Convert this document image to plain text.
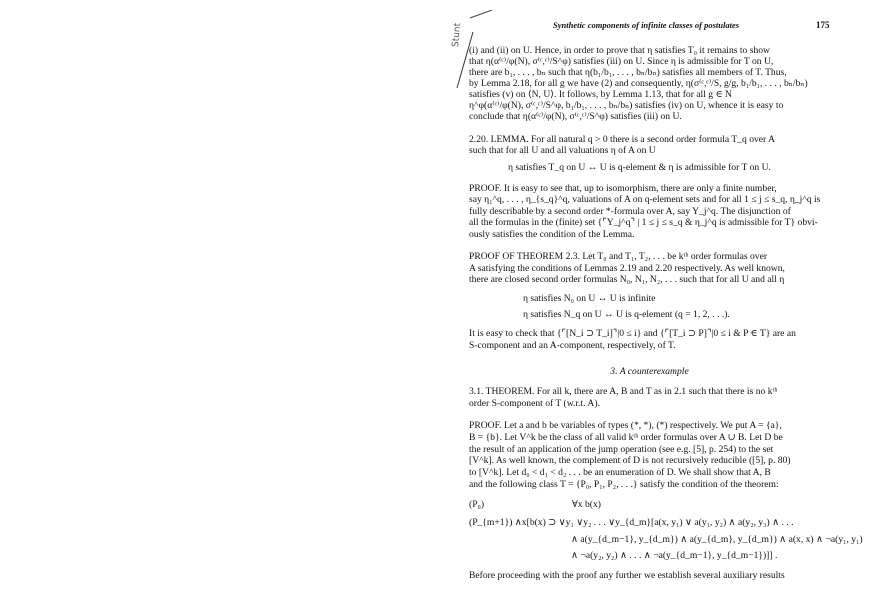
Stunt	Synthetic components of infinite classes of postulates	175
(i) and (ii) on U. Hence, in order to prove that η satisfies T₀ it remains to show
that η(α⁽ᶜ⁾/φ(N), σ⁽ᶜ,ᶜ⁾/S^φ) satisfies (iii) on U. Since η is admissible for T on U,
there are b₁, . . . , bₙ such that η(b₁/b₁, . . . , bₙ/bₙ) satisfies all members of T. Thus,
by Lemma 2.18, for all g we have (2) and consequently, η(σ⁽ᶜ,ᶜ⁾/S, g/g, b₁/b₁, . . . , bₙ/bₙ)
satisfies (v) on ⟨N, U⟩. It follows, by Lemma 1.13, that for all g ∈ N
η^φ(α⁽ᶜ⁾/φ(N), σ⁽ᶜ,ᶜ⁾/S^φ, b₁/b₁, . . . , bₙ/bₙ) satisfies (iv) on U, whence it is easy to
conclude that η(α⁽ᶜ⁾/φ(N), σ⁽ᶜ,ᶜ⁾/S^φ) satisfies (iii) on U.
2.20. LEMMA. For all natural q > 0 there is a second order formula T_q over A
such that for all U and all valuations η of A on U
η satisfies T_q on U ↔ U is q-element & η is admissible for T on U.
PROOF. It is easy to see that, up to isomorphism, there are only a finite number,
say η₁^q, . . . , η_{s_q}^q, valuations of A on q-element sets and for all 1 ≤ j ≤ s_q, η_j^q is
fully describable by a second order *-formula over A, say Y_j^q. The disjunction of
all the formulas in the (finite) set {⌜Y_j^q⌝ | 1 ≤ j ≤ s_q & η_j^q is admissible for T} obvi-
ously satisfies the condition of the Lemma.
PROOF OF THEOREM 2.3. Let T₀ and T₁, T₂, . . . be kᵗʰ order formulas over
A satisfying the conditions of Lemmas 2.19 and 2.20 respectively. As well known,
there are closed second order formulas N₀, N₁, N₂, . . . such that for all U and all η
η satisfies N₀ on U ↔ U is infinite
η satisfies N_q on U ↔ U is q-element (q = 1, 2, . . .).
It is easy to check that {⌜[N_i ⊃ T_i]⌝|0 ≤ i} and {⌜[T_i ⊃ P]⌝|0 ≤ i & P ∈ T} are an
S-component and an A-component, respectively, of T.
3. A counterexample
3.1. THEOREM. For all k, there are A, B and T as in 2.1 such that there is no kᵗʰ
order S-component of T (w.r.t. A).
PROOF. Let a and b be variables of types (*, *), (*) respectively. We put A = {a},
B = {b}. Let V^k be the class of all valid kᵗʰ order formulas over A ∪ B. Let D be
the result of an application of the jump operation (see e.g. [5], p. 254) to the set
[V^k]. As well known, the complement of D is not recursively reducible ([5], p. 80)
to [V^k]. Let d₀ < d₁ < d₂ . . . be an enumeration of D. We shall show that A, B
and the following class T = {P₀, P₁, P₂, . . .} satisfy the condition of the theorem:
(P₀)	∀x b(x)
(P_{m+1}) ∧x[b(x) ⊃ ∨y₁ ∨y₂ . . . ∨y_{d_m}[a(x, y₁) ∨ a(y₁, y₂) ∧ a(y₂, y₃) ∧ . . .
∧ a(y_{d_m−1}, y_{d_m}) ∧ a(y_{d_m}, y_{d_m}) ∧ a(x, x) ∧ ¬a(y₁, y₁)
∧ ¬a(y₂, y₂) ∧ . . . ∧ ¬a(y_{d_m−1}, y_{d_m−1})]] .
Before proceeding with the proof any further we establish several auxiliary results
